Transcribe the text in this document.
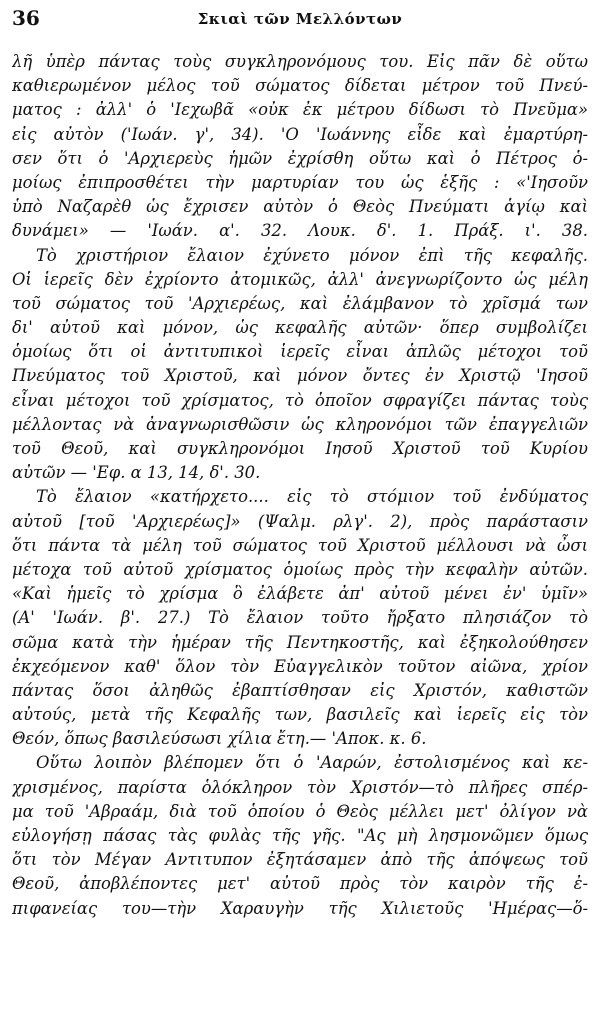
36	Σκιαὶ τῶν Μελλόντων
λῆ ὑπὲρ πάντας τοὺς συγκληρονόμους του. Εἰς πᾶν δὲ οὕτω
καθιερωμένον μέλος τοῦ σώματος δίδεται μέτρον τοῦ Πνεύ-
ματος : ἀλλ' ὁ 'Ιεχωβᾶ «οὐκ ἐκ μέτρου δίδωσι τὸ Πνεῦμα»
εἰς αὐτὸν ('Ιωάν. γ', 34). 'Ο 'Ιωάννης εἶδε καὶ ἐμαρτύρη-
σεν ὅτι ὁ 'Αρχιερεὺς ἡμῶν ἐχρίσθη οὕτω καὶ ὁ Πέτρος ὁ-
μοίως ἐπιπροσθέτει τὴν μαρτυρίαν του ὡς ἑξῆς : «'Ιησοῦν
ὑπὸ Ναζαρὲθ ὡς ἔχρισεν αὐτὸν ὁ Θεὸς Πνεύματι ἁγίῳ καὶ
δυνάμει» — 'Ιωάν. α'. 32. Λουκ. δ'. 1. Πράξ. ι'. 38.
Τὸ χριστήριον ἔλαιον ἐχύνετο μόνον ἐπὶ τῆς κεφαλῆς.
Οἱ ἱερεῖς δὲν ἐχρίοντο ἀτομικῶς, ἀλλ' ἀνεγνωρίζοντο ὡς μέλη
τοῦ σώματος τοῦ 'Αρχιερέως, καὶ ἐλάμβανον τὸ χρῖσμά των
δι' αὐτοῦ καὶ μόνον, ὡς κεφαλῆς αὐτῶν· ὅπερ συμβολίζει
ὁμοίως ὅτι οἱ ἀντιτυπικοὶ ἱερεῖς εἶναι ἁπλῶς μέτοχοι τοῦ
Πνεύματος τοῦ Χριστοῦ, καὶ μόνον ὄντες ἐν Χριστῷ 'Ιησοῦ
εἶναι μέτοχοι τοῦ χρίσματος, τὸ ὁποῖον σφραγίζει πάντας τοὺς
μέλλοντας νὰ ἀναγνωρισθῶσιν ὡς κληρονόμοι τῶν ἐπαγγελιῶν
τοῦ Θεοῦ, καὶ συγκληρονόμοι Ιησοῦ Χριστοῦ τοῦ Κυρίου
αὐτῶν — 'Εφ. α 13, 14, δ'. 30.
Τὸ ἔλαιον «κατήρχετο.... εἰς τὸ στόμιον τοῦ ἐνδύματος
αὐτοῦ [τοῦ 'Αρχιερέως]» (Ψαλμ. ρλγ'. 2), πρὸς παράστασιν
ὅτι πάντα τὰ μέλη τοῦ σώματος τοῦ Χριστοῦ μέλλουσι νὰ ὦσι
μέτοχα τοῦ αὐτοῦ χρίσματος ὁμοίως πρὸς τὴν κεφαλὴν αὐτῶν.
«Καὶ ἡμεῖς τὸ χρίσμα ὃ ἐλάβετε ἀπ' αὐτοῦ μένει ἐν' ὑμῖν»
(Α' 'Ιωάν. β'. 27.) Τὸ ἔλαιον τοῦτο ἤρξατο πλησιάζον τὸ
σῶμα κατὰ τὴν ἡμέραν τῆς Πεντηκοστῆς, καὶ ἐξηκολούθησεν
ἐκχεόμενον καθ' ὅλον τὸν Εὐαγγελικὸν τοῦτον αἰῶνα, χρίον
πάντας ὅσοι ἀληθῶς ἐβαπτίσθησαν εἰς Χριστόν, καθιστῶν
αὐτούς, μετὰ τῆς Κεφαλῆς των, βασιλεῖς καὶ ἱερεῖς εἰς τὸν
Θεόν, ὅπως βασιλεύσωσι χίλια ἔτη.— 'Αποκ. κ. 6.
Οὕτω λοιπὸν βλέπομεν ὅτι ὁ 'Ααρών, ἐστολισμένος καὶ κε-
χρισμένος, παρίστα ὁλόκληρον τὸν Χριστόν—τὸ πλῆρες σπέρ-
μα τοῦ 'Αβραάμ, διὰ τοῦ ὁποίου ὁ Θεὸς μέλλει μετ' ὀλίγον νὰ
εὐλογήσῃ πάσας τὰς φυλὰς τῆς γῆς. "Ας μὴ λησμονῶμεν ὅμως
ὅτι τὸν Μέγαν Αντιτυπον ἐξητάσαμεν ἀπὸ τῆς ἀπόψεως τοῦ
Θεοῦ, ἀποβλέποντες μετ' αὐτοῦ πρὸς τὸν καιρὸν τῆς ἐ-
πιφανείας του—τὴν Χαραυγὴν τῆς Χιλιετοῦς 'Ημέρας—ὅ-
